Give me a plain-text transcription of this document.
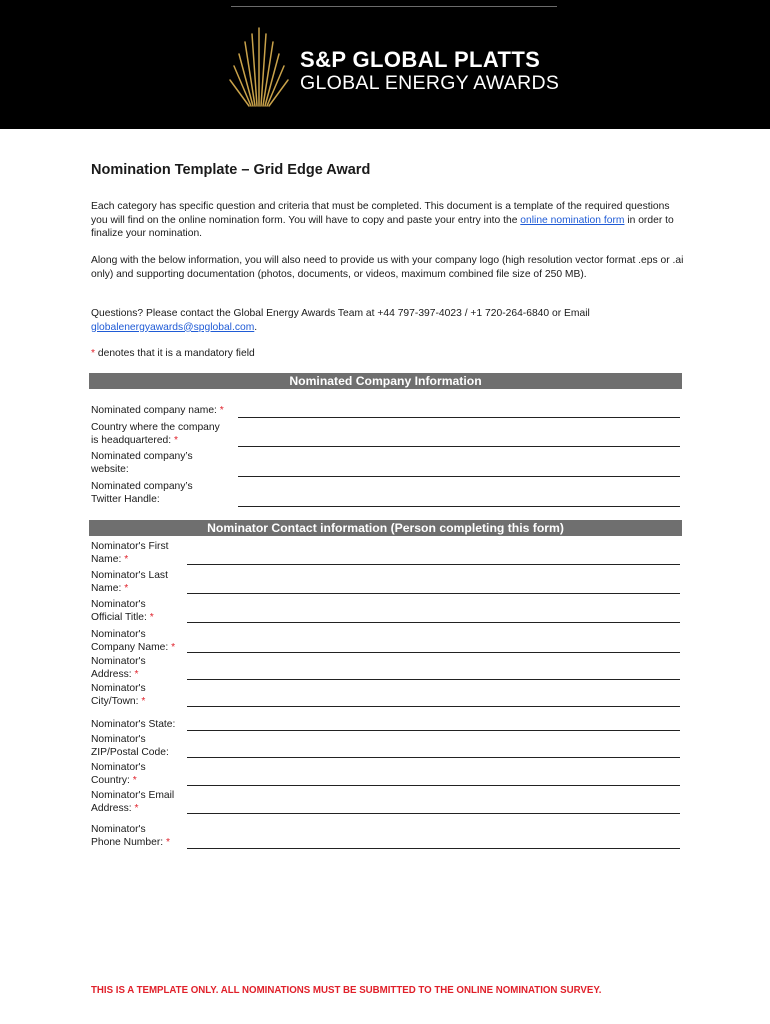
S&P GLOBAL PLATTS
GLOBAL ENERGY AWARDS
Nomination Template – Grid Edge Award

Each category has specific question and criteria that must be completed. This document is a template of the required questions you will find on the online nomination form. You will have to copy and paste your entry into the online nomination form in order to finalize your nomination.

Along with the below information, you will also need to provide us with your company logo (high resolution vector format .eps or .ai only) and supporting documentation (photos, documents, or videos, maximum combined file size of 250 MB).

Questions? Please contact the Global Energy Awards Team at +44 797-397-4023 / +1 720-264-6840 or Email globalenergyawards@spglobal.com.

* denotes that it is a mandatory field

Nominated Company Information
Nominated company name: *
Country where the company
is headquartered: *
Nominated company’s
website:
Nominated company’s
Twitter Handle:
Nominator Contact information (Person completing this form)
Nominator's First
Name: *
Nominator's Last
Name: *
Nominator's
Official Title: *
Nominator's
Company Name: *
Nominator's
Address: *
Nominator's
City/Town: *
Nominator's State:
Nominator's
ZIP/Postal Code:
Nominator's
Country: *
Nominator's Email
Address: *
Nominator's
Phone Number: *

THIS IS A TEMPLATE ONLY. ALL NOMINATIONS MUST BE SUBMITTED TO THE ONLINE NOMINATION SURVEY.
